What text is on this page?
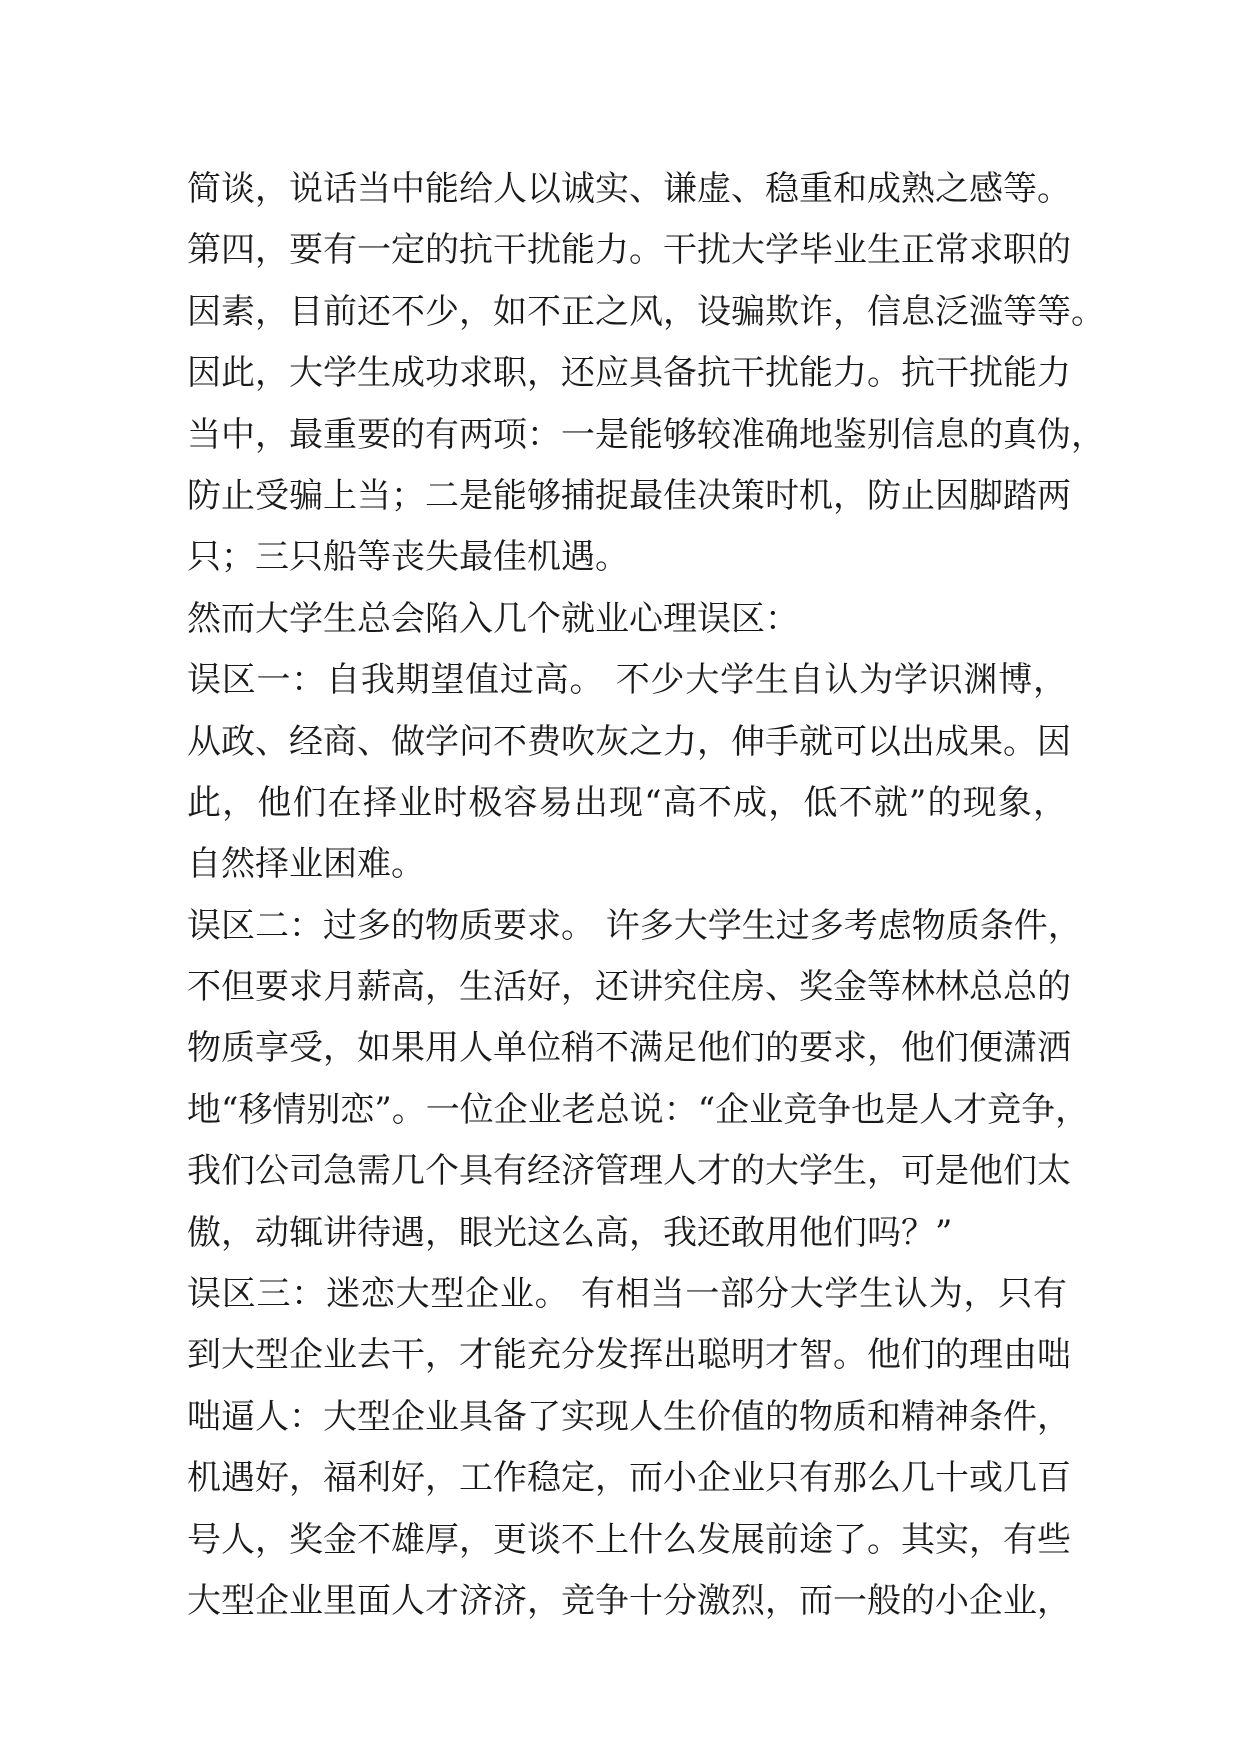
简谈，说话当中能给人以诚实、谦虚、稳重和成熟之感等。
第四，要有一定的抗干扰能力。干扰大学毕业生正常求职的
因素，目前还不少，如不正之风，设骗欺诈，信息泛滥等等。
因此，大学生成功求职，还应具备抗干扰能力。抗干扰能力
当中，最重要的有两项：一是能够较准确地鉴别信息的真伪，
防止受骗上当；二是能够捕捉最佳决策时机，防止因脚踏两
只；三只船等丧失最佳机遇。
然而大学生总会陷入几个就业心理误区：
误区一：自我期望值过高。 不少大学生自认为学识渊博，
从政、经商、做学问不费吹灰之力，伸手就可以出成果。因
此，他们在择业时极容易出现“高不成，低不就”的现象，
自然择业困难。
误区二：过多的物质要求。 许多大学生过多考虑物质条件，
不但要求月薪高，生活好，还讲究住房、奖金等林林总总的
物质享受，如果用人单位稍不满足他们的要求，他们便潇洒
地“移情别恋”。一位企业老总说：“企业竞争也是人才竞争，
我们公司急需几个具有经济管理人才的大学生，可是他们太
傲，动辄讲待遇，眼光这么高，我还敢用他们吗？”
误区三：迷恋大型企业。 有相当一部分大学生认为，只有
到大型企业去干，才能充分发挥出聪明才智。他们的理由咄
咄逼人：大型企业具备了实现人生价值的物质和精神条件，
机遇好，福利好，工作稳定，而小企业只有那么几十或几百
号人，奖金不雄厚，更谈不上什么发展前途了。其实，有些
大型企业里面人才济济，竞争十分激烈，而一般的小企业，
